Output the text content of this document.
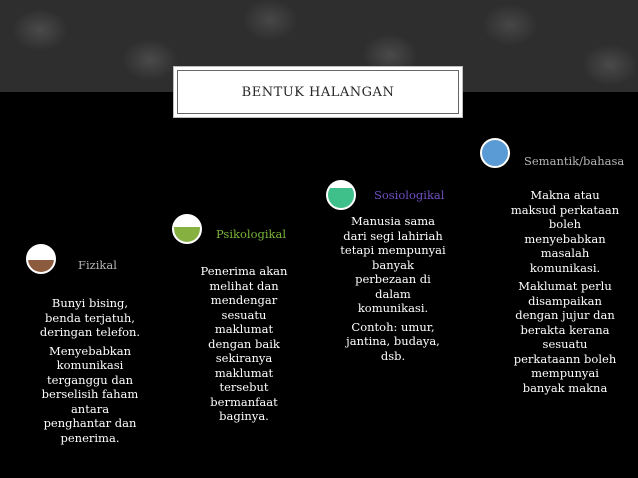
BENTUK HALANGAN
Fizikal

Bunyi bising, benda terjatuh, deringan telefon.

Menyebabkan komunikasi terganggu dan berselisih faham antara penghantar dan penerima.

Psikologikal

Penerima akan melihat dan mendengar sesuatu maklumat dengan baik sekiranya maklumat tersebut bermanfaat baginya.

Sosiologikal

Manusia sama dari segi lahiriah tetapi mempunyai banyak perbezaan di dalam komunikasi.

Contoh: umur, jantina, budaya, dsb.

Semantik/bahasa

Makna atau maksud perkataan boleh menyebabkan masalah komunikasi.

Maklumat perlu disampaikan dengan jujur dan berakta kerana sesuatu perkataann boleh mempunyai banyak makna
